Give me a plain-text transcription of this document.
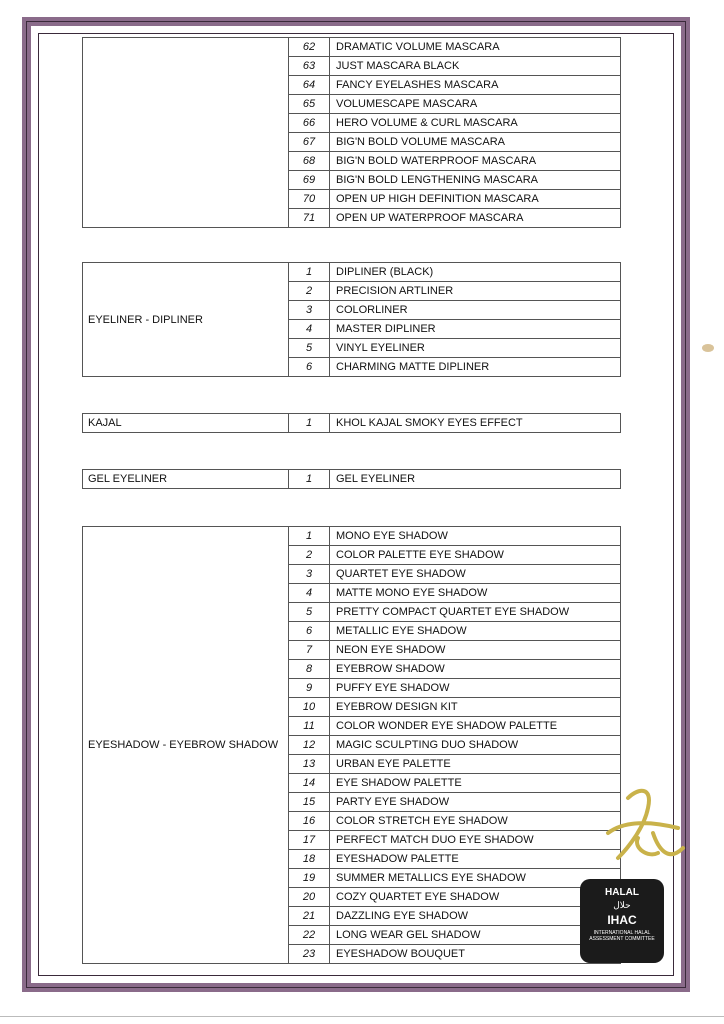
	62	DRAMATIC VOLUME MASCARA
	63	JUST MASCARA BLACK
	64	FANCY EYELASHES MASCARA
	65	VOLUMESCAPE MASCARA
	66	HERO VOLUME & CURL MASCARA
	67	BIG'N BOLD VOLUME MASCARA
	68	BIG'N BOLD WATERPROOF MASCARA
	69	BIG'N BOLD LENGTHENING MASCARA
	70	OPEN UP HIGH DEFINITION MASCARA
	71	OPEN UP WATERPROOF MASCARA
EYELINER - DIPLINER	1	DIPLINER (BLACK)
	2	PRECISION ARTLINER
	3	COLORLINER
	4	MASTER DIPLINER
	5	VINYL EYELINER
	6	CHARMING MATTE DIPLINER
KAJAL	1	KHOL KAJAL SMOKY EYES EFFECT
GEL EYELINER	1	GEL EYELINER
EYESHADOW - EYEBROW SHADOW	1	MONO EYE SHADOW
	2	COLOR PALETTE EYE SHADOW
	3	QUARTET EYE SHADOW
	4	MATTE MONO EYE SHADOW
	5	PRETTY COMPACT QUARTET EYE SHADOW
	6	METALLIC EYE SHADOW
	7	NEON EYE SHADOW
	8	EYEBROW SHADOW
	9	PUFFY EYE SHADOW
	10	EYEBROW DESIGN KIT
	11	COLOR WONDER EYE SHADOW PALETTE
	12	MAGIC SCULPTING DUO SHADOW
	13	URBAN EYE PALETTE
	14	EYE SHADOW PALETTE
	15	PARTY EYE SHADOW
	16	COLOR STRETCH EYE SHADOW
	17	PERFECT MATCH DUO EYE SHADOW
	18	EYESHADOW PALETTE
	19	SUMMER METALLICS EYE SHADOW
	20	COZY QUARTET EYE SHADOW
	21	DAZZLING EYE SHADOW
	22	LONG WEAR GEL SHADOW
	23	EYESHADOW BOUQUET
HALAL
حلال
IHAC
INTERNATIONAL HALAL ASSESSMENT COMMITTEE
